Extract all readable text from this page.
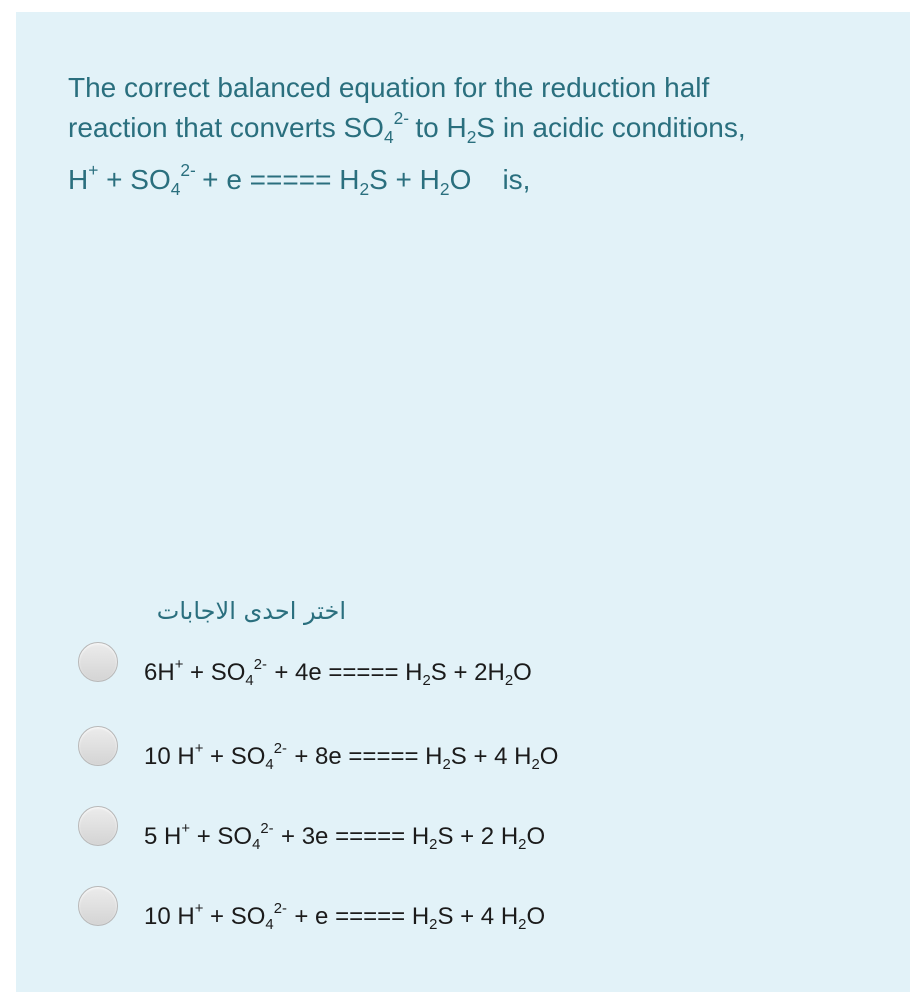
The correct balanced equation for the reduction half
reaction that converts $SO_4$
2-
to $H_2S$ in acidic conditions,
$H^+ + SO_4$
2-
+ e ===== $H_2S + H_2O$    is,
اختر احدى الاجابات
$6H^+ + SO_4$
2- + 4e ===== $H_2S + 2H_2O$
10 $H^+ + SO_4$
2- + 8e ===== $H_2S + 4$ $H_2O$
5 $H^+ + SO_4$
2- + 3e ===== $H_2S + 2$ $H_2O$
10 $H^+ + SO_4$
2- + e ===== $H_2S + 4$ $H_2O$
